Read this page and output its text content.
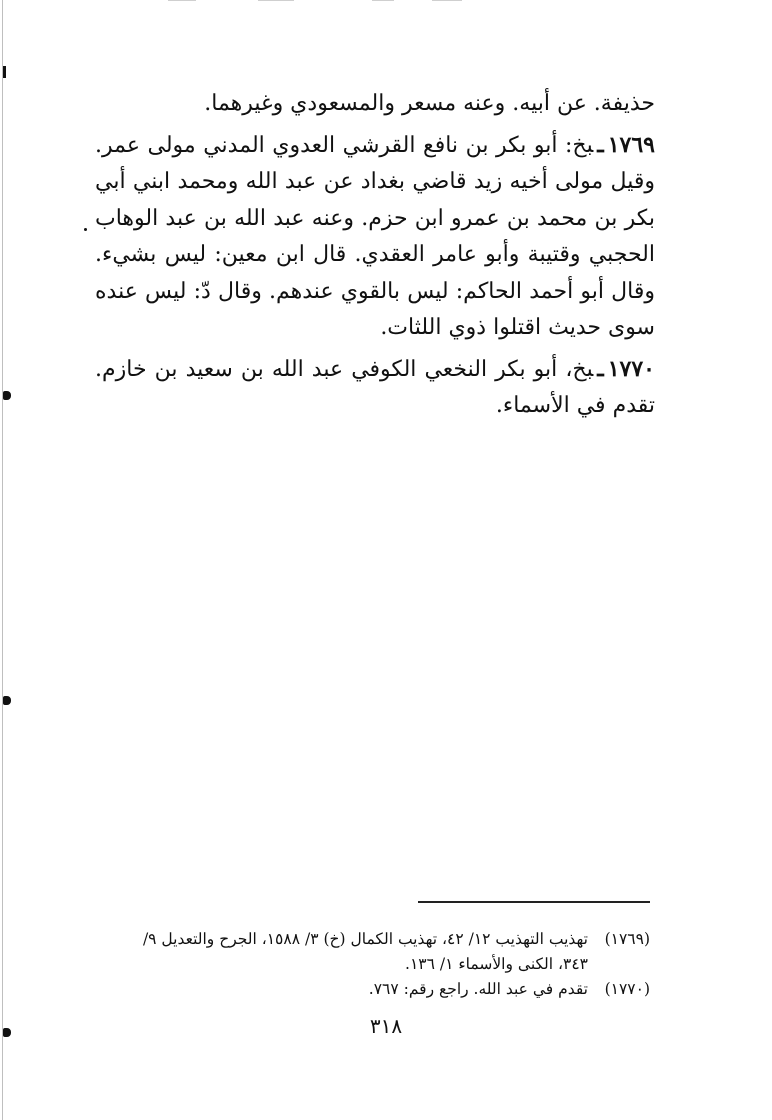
حذيفة. عن أبيه. وعنه مسعر والمسعودي وغيرهما.

١٧٦٩ـبخ: أبو بكر بن نافع القرشي العدوي المدني مولى عمر. وقيل مولى أخيه زيد قاضي بغداد عن عبد الله ومحمد ابني أبي بكر بن محمد بن عمرو ابن حزم. وعنه عبد الله بن عبد الوهاب الحجبي وقتيبة وأبو عامر العقدي. قال ابن معين: ليس بشيء. وقال أبو أحمد الحاكم: ليس بالقوي عندهم. وقال دّ: ليس عنده سوى حديث اقتلوا ذوي اللثات.

١٧٧٠ـبخ، أبو بكر النخعي الكوفي عبد الله بن سعيد بن خازم. تقدم في الأسماء.

(١٧٦٩)تهذيب التهذيب ١٢/ ٤٢، تهذيب الكمال (خ) ٣/ ١٥٨٨، الجرح والتعديل ٩/

٣٤٣، الكنى والأسماء ١/ ١٣٦.

(١٧٧٠)تقدم في عبد الله. راجع رقم: ٧٦٧.

٣١٨
